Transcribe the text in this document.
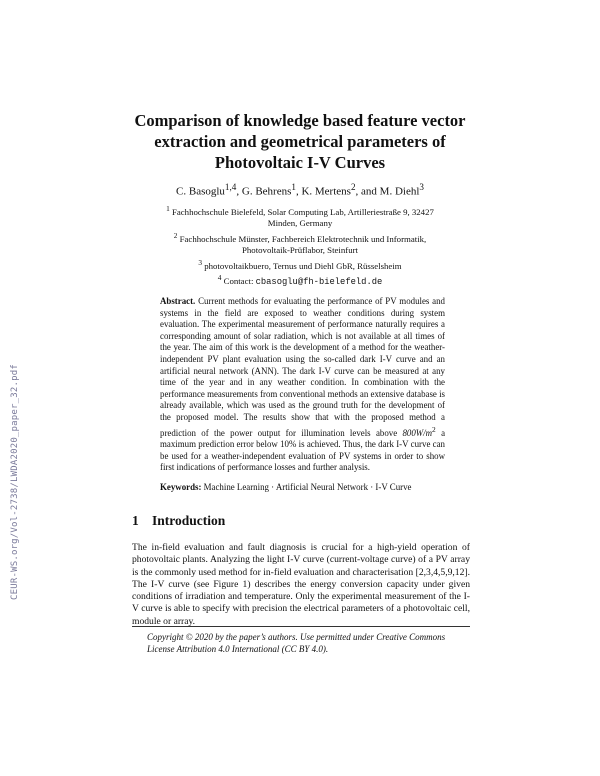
CEUR-WS.org/Vol-2738/LWDA2020_paper_32.pdf
Comparison of knowledge based feature vector
extraction and geometrical parameters of
Photovoltaic I-V Curves
C. Basoglu$^{1,4}$, G. Behrens$^1$, K. Mertens$^2$, and M. Diehl$^3$
$^1$ Fachhochschule Bielefeld, Solar Computing Lab, Artilleriestraße 9, 32427 Minden, Germany
$^2$ Fachhochschule Münster, Fachbereich Elektrotechnik und Informatik, Photovoltaik-Prüflabor, Steinfurt
$^3$ photovoltaikbuero, Ternus und Diehl GbR, Rüsselsheim
$^4$ Contact: cbasoglu@fh-bielefeld.de
Abstract. Current methods for evaluating the performance of PV modules and systems in the field are exposed to weather conditions during system evaluation. The experimental measurement of performance naturally requires a corresponding amount of solar radiation, which is not available at all times of the year. The aim of this work is the development of a method for the weather-independent PV plant evaluation using the so-called dark I-V curve and an artificial neural network (ANN). The dark I-V curve can be measured at any time of the year and in any weather condition. In combination with the performance measurements from conventional methods an extensive database is already available, which was used as the ground truth for the development of the proposed model. The results show that with the proposed method a prediction of the power output for illumination levels above $800W/m^2$ a maximum prediction error below 10% is achieved. Thus, the dark I-V curve can be used for a weather-independent evaluation of PV systems in order to show first indications of performance losses and further analysis.
Keywords: Machine Learning · Artificial Neural Network · I-V Curve
1 Introduction
The in-field evaluation and fault diagnosis is crucial for a high-yield operation of photovoltaic plants. Analyzing the light I-V curve (current-voltage curve) of a PV array is the commonly used method for in-field evaluation and characterisation [2,3,4,5,9,12]. The I-V curve (see Figure 1) describes the energy conversion capacity under given conditions of irradiation and temperature. Only the experimental measurement of the I-V curve is able to specify with precision the electrical parameters of a photovoltaic cell, module or array.
Copyright © 2020 by the paper’s authors. Use permitted under Creative Commons License Attribution 4.0 International (CC BY 4.0).
